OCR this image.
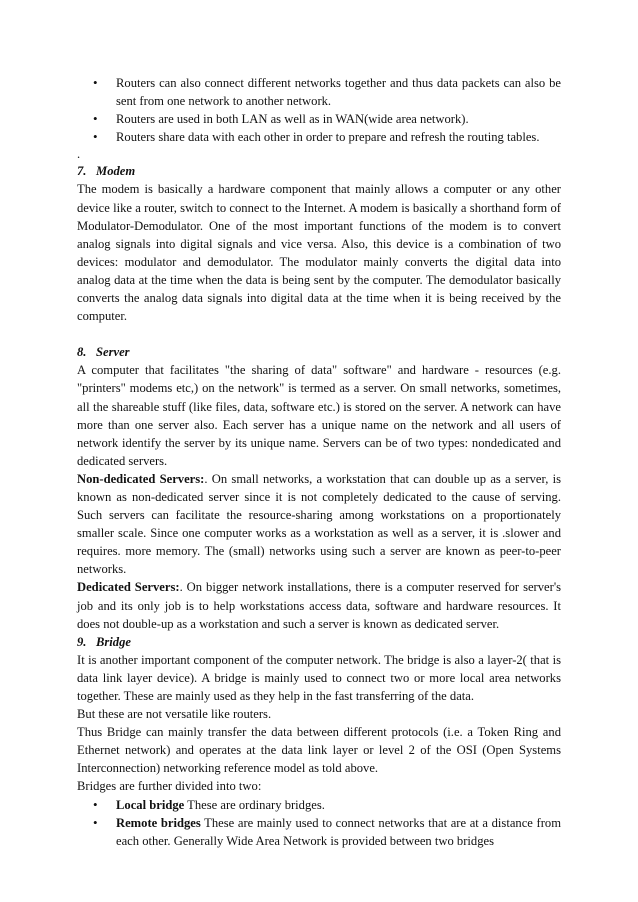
• Routers can also connect different networks together and thus data packets can also be sent from one network to another network.
• Routers are used in both LAN as well as in WAN(wide area network).
• Routers share data with each other in order to prepare and refresh the routing tables.

.

7. Modem

The modem is basically a hardware component that mainly allows a computer or any other device like a router, switch to connect to the Internet. A modem is basically a shorthand form of Modulator-Demodulator. One of the most important functions of the modem is to convert analog signals into digital signals and vice versa. Also, this device is a combination of two devices: modulator and demodulator. The modulator mainly converts the digital data into analog data at the time when the data is being sent by the computer. The demodulator basically converts the analog data signals into digital data at the time when it is being received by the computer.

8. Server

A computer that facilitates "the sharing of data" software" and hardware - resources (e.g. "printers" modems etc,) on the network" is termed as a server. On small networks, sometimes, all the shareable stuff (like files, data, software etc.) is stored on the server. A network can have more than one server also. Each server has a unique name on the network and all users of network identify the server by its unique name. Servers can be of two types: nondedicated and dedicated servers.

Non-dedicated Servers:. On small networks, a workstation that can double up as a server, is known as non-dedicated server since it is not completely dedicated to the cause of serving. Such servers can facilitate the resource-sharing among workstations on a proportionately smaller scale. Since one computer works as a workstation as well as a server, it is .slower and requires. more memory. The (small) networks using such a server are known as peer-to-peer networks.

Dedicated Servers:. On bigger network installations, there is a computer reserved for server's job and its only job is to help workstations access data, software and hardware resources. It does not double-up as a workstation and such a server is known as dedicated server.

9. Bridge

It is another important component of the computer network. The bridge is also a layer-2( that is data link layer device). A bridge is mainly used to connect two or more local area networks together. These are mainly used as they help in the fast transferring of the data.

But these are not versatile like routers.

Thus Bridge can mainly transfer the data between different protocols (i.e. a Token Ring and Ethernet network) and operates at the data link layer or level 2 of the OSI (Open Systems Interconnection) networking reference model as told above.

Bridges are further divided into two:

• Local bridge These are ordinary bridges.
• Remote bridges These are mainly used to connect networks that are at a distance from each other. Generally Wide Area Network is provided between two bridges
